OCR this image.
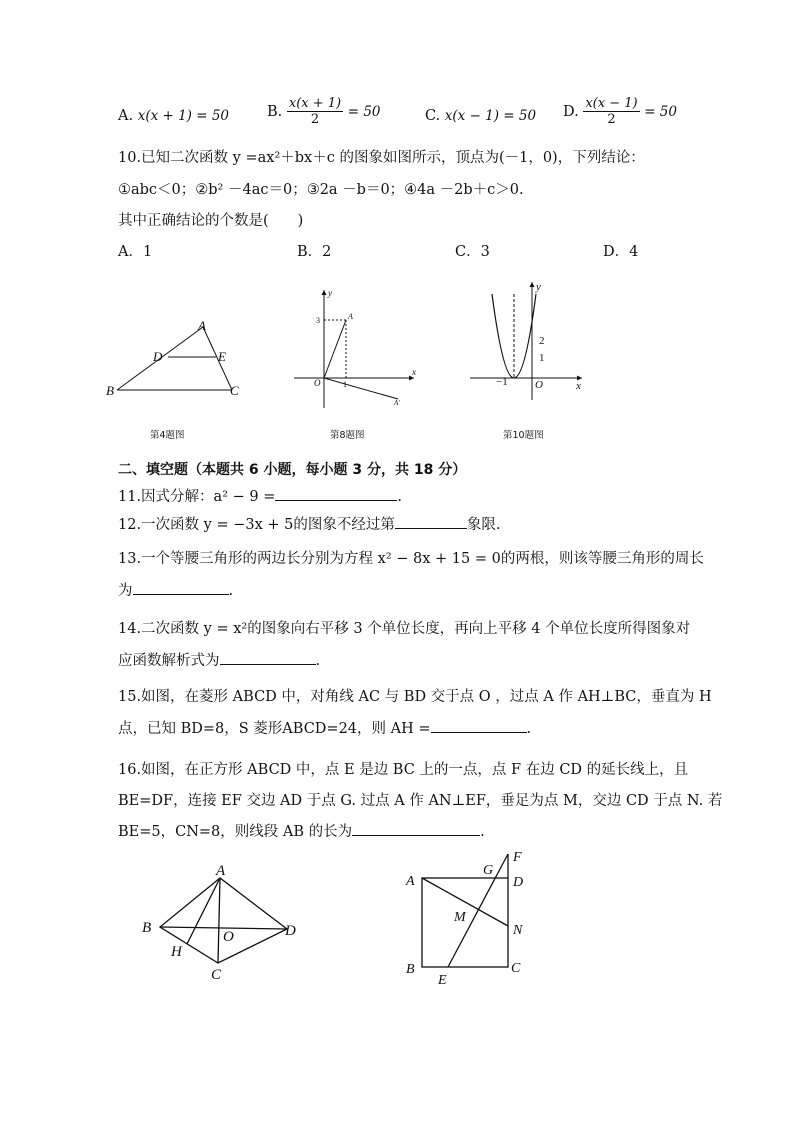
A. x(x + 1) = 50	B. $\frac{x(x + 1)}{2} = 50$	C. x(x − 1) = 50 D. $\frac{x(x - 1)}{2} = 50$
10.已知二次函数 y =ax²＋bx＋c 的图象如图所示，顶点为(－1，0)，下列结论：
①abc＜0；②b² －4ac＝0；③2a －b＝0；④4a －2b＋c＞0.
其中正确结论的个数是(　　)
A．1	B．2	C．3	D．4
A
D	E
B	C
第4题图
y
x
O
3
1
A
A′
第8题图
y
x
O
2
1
−1
第10题图
二、填空题（本题共 6 小题，每小题 3 分，共 18 分）
11.因式分解：a² − 9 =	.
12.一次函数 y = −3x + 5的图象不经过第	象限.
13.一个等腰三角形的两边长分别为方程 x² − 8x + 15 = 0的两根，则该等腰三角形的周长
为	.
14.二次函数 y = x²的图象向右平移 3 个单位长度，再向上平移 4 个单位长度所得图象对
应函数解析式为	.
15.如图，在菱形 ABCD 中，对角线 AC 与 BD 交于点 O ，过点 A 作 AH⊥BC，垂直为 H
点，已知 BD=8，S 菱形ABCD=24，则 AH =	.
16.如图，在正方形 ABCD 中，点 E 是边 BC 上的一点，点 F 在边 CD 的延长线上，且
BE=DF，连接 EF 交边 AD 于点 G. 过点 A 作 AN⊥EF，垂足为点 M，交边 CD 于点 N. 若
BE=5，CN=8，则线段 AB 的长为	.
A
B
O	D
H
C
F
G
A	D
M
N
B
E
C
